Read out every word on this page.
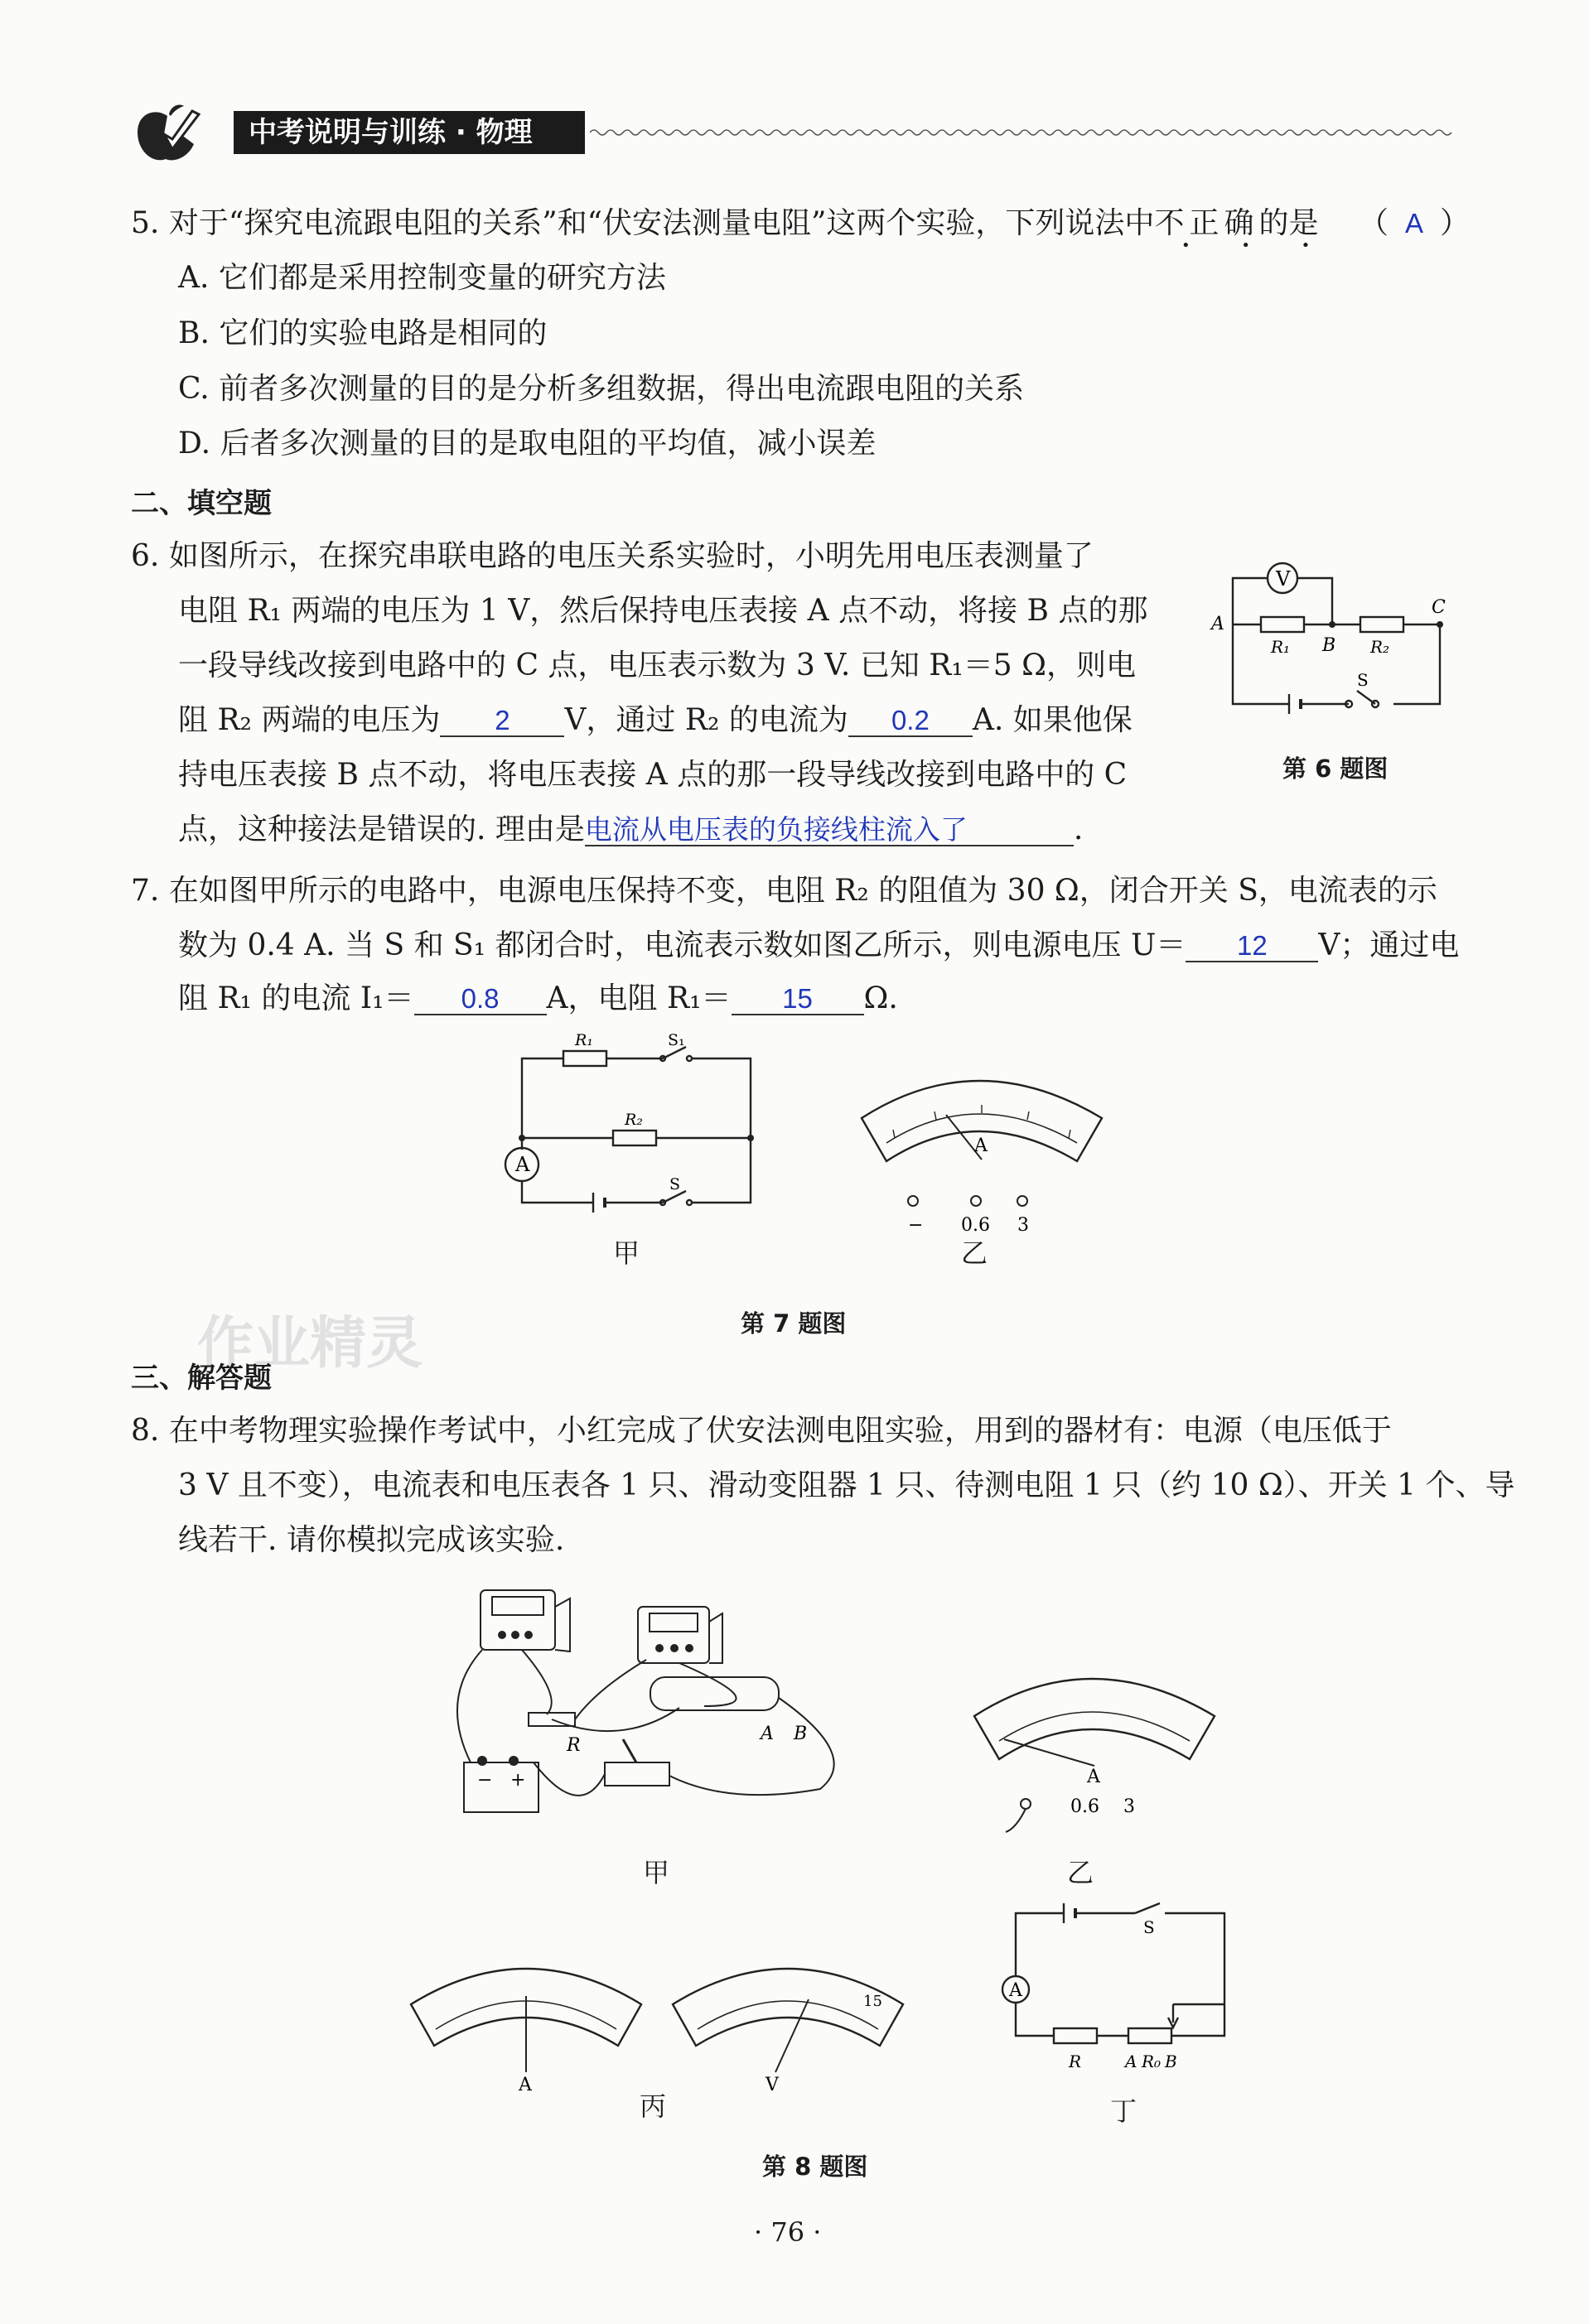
中考说明与训练 · 物理
5. 对于“探究电流跟电阻的关系”和“伏安法测量电阻”这两个实验，下列说法中不正确的是
• • •
（ A ）
A. 它们都是采用控制变量的研究方法
B. 它们的实验电路是相同的
C. 前者多次测量的目的是分析多组数据，得出电流跟电阻的关系
D. 后者多次测量的目的是取电阻的平均值，减小误差
二、填空题
6. 如图所示，在探究串联电路的电压关系实验时，小明先用电压表测量了
电阻 R₁ 两端的电压为 1 V，然后保持电压表接 A 点不动，将接 B 点的那
一段导线改接到电路中的 C 点，电压表示数为 3 V. 已知 R₁＝5 Ω，则电
阻 R₂ 两端的电压为 2 V，通过 R₂ 的电流为 0.2 A. 如果他保
持电压表接 B 点不动，将电压表接 A 点的那一段导线改接到电路中的 C
点，这种接法是错误的. 理由是电流从电压表的负接线柱流入了	.
V
A
B
C
R₁	R₂
S
第 6 题图
7. 在如图甲所示的电路中，电源电压保持不变，电阻 R₂ 的阻值为 30 Ω，闭合开关 S，电流表的示
数为 0.4 A. 当 S 和 S₁ 都闭合时，电流表示数如图乙所示，则电源电压 U＝ 12 V；通过电
阻 R₁ 的电流 I₁＝ 0.8 A，电阻 R₁＝ 15 Ω.
A
R₁	S₁
R₂
S
甲
A
− 0.6 3
乙
第 7 题图
作业精灵
三、解答题
8. 在中考物理实验操作考试中，小红完成了伏安法测电阻实验，用到的器材有：电源（电压低于
3 V 且不变），电流表和电压表各 1 只、滑动变阻器 1 只、待测电阻 1 只（约 10 Ω）、开关 1 个、导
线若干. 请你模拟完成该实验.
R
A B
− +
甲
A
0.6 3
乙
A	V
15
丙
A
S
R	A R₀ B
丁
第 8 题图
· 76 ·
